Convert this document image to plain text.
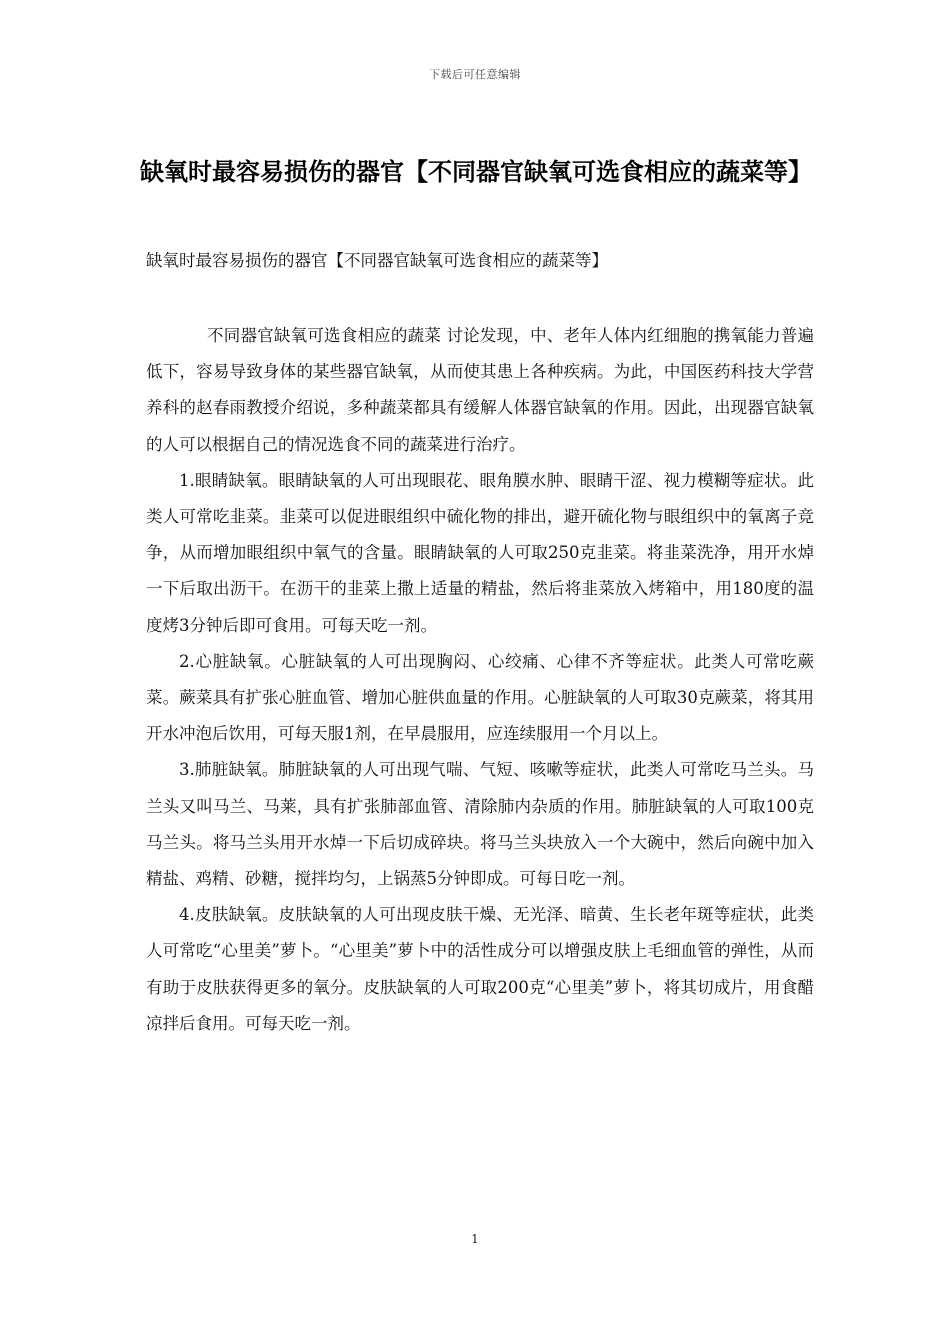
下载后可任意编辑
缺氧时最容易损伤的器官【不同器官缺氧可选食相应的蔬菜等】
缺氧时最容易损伤的器官【不同器官缺氧可选食相应的蔬菜等】

不同器官缺氧可选食相应的蔬菜 讨论发现，中、老年人体内红细胞的携氧能力普遍低下，容易导致身体的某些器官缺氧，从而使其患上各种疾病。为此，中国医药科技大学营养科的赵春雨教授介绍说，多种蔬菜都具有缓解人体器官缺氧的作用。因此，出现器官缺氧的人可以根据自己的情况选食不同的蔬菜进行治疗。

1.眼睛缺氧。眼睛缺氧的人可出现眼花、眼角膜水肿、眼睛干涩、视力模糊等症状。此类人可常吃韭菜。韭菜可以促进眼组织中硫化物的排出，避开硫化物与眼组织中的氧离子竞争，从而增加眼组织中氧气的含量。眼睛缺氧的人可取250克韭菜。将韭菜洗净，用开水焯一下后取出沥干。在沥干的韭菜上撒上适量的精盐，然后将韭菜放入烤箱中，用180度的温度烤3分钟后即可食用。可每天吃一剂。

2.心脏缺氧。心脏缺氧的人可出现胸闷、心绞痛、心律不齐等症状。此类人可常吃蕨菜。蕨菜具有扩张心脏血管、增加心脏供血量的作用。心脏缺氧的人可取30克蕨菜，将其用开水冲泡后饮用，可每天服1剂，在早晨服用，应连续服用一个月以上。

3.肺脏缺氧。肺脏缺氧的人可出现气喘、气短、咳嗽等症状，此类人可常吃马兰头。马兰头又叫马兰、马莱，具有扩张肺部血管、清除肺内杂质的作用。肺脏缺氧的人可取100克马兰头。将马兰头用开水焯一下后切成碎块。将马兰头块放入一个大碗中，然后向碗中加入精盐、鸡精、砂糖，搅拌均匀，上锅蒸5分钟即成。可每日吃一剂。

4.皮肤缺氧。皮肤缺氧的人可出现皮肤干燥、无光泽、暗黄、生长老年斑等症状，此类人可常吃“心里美”萝卜。“心里美”萝卜中的活性成分可以增强皮肤上毛细血管的弹性，从而有助于皮肤获得更多的氧分。皮肤缺氧的人可取200克“心里美”萝卜，将其切成片，用食醋凉拌后食用。可每天吃一剂。

1
